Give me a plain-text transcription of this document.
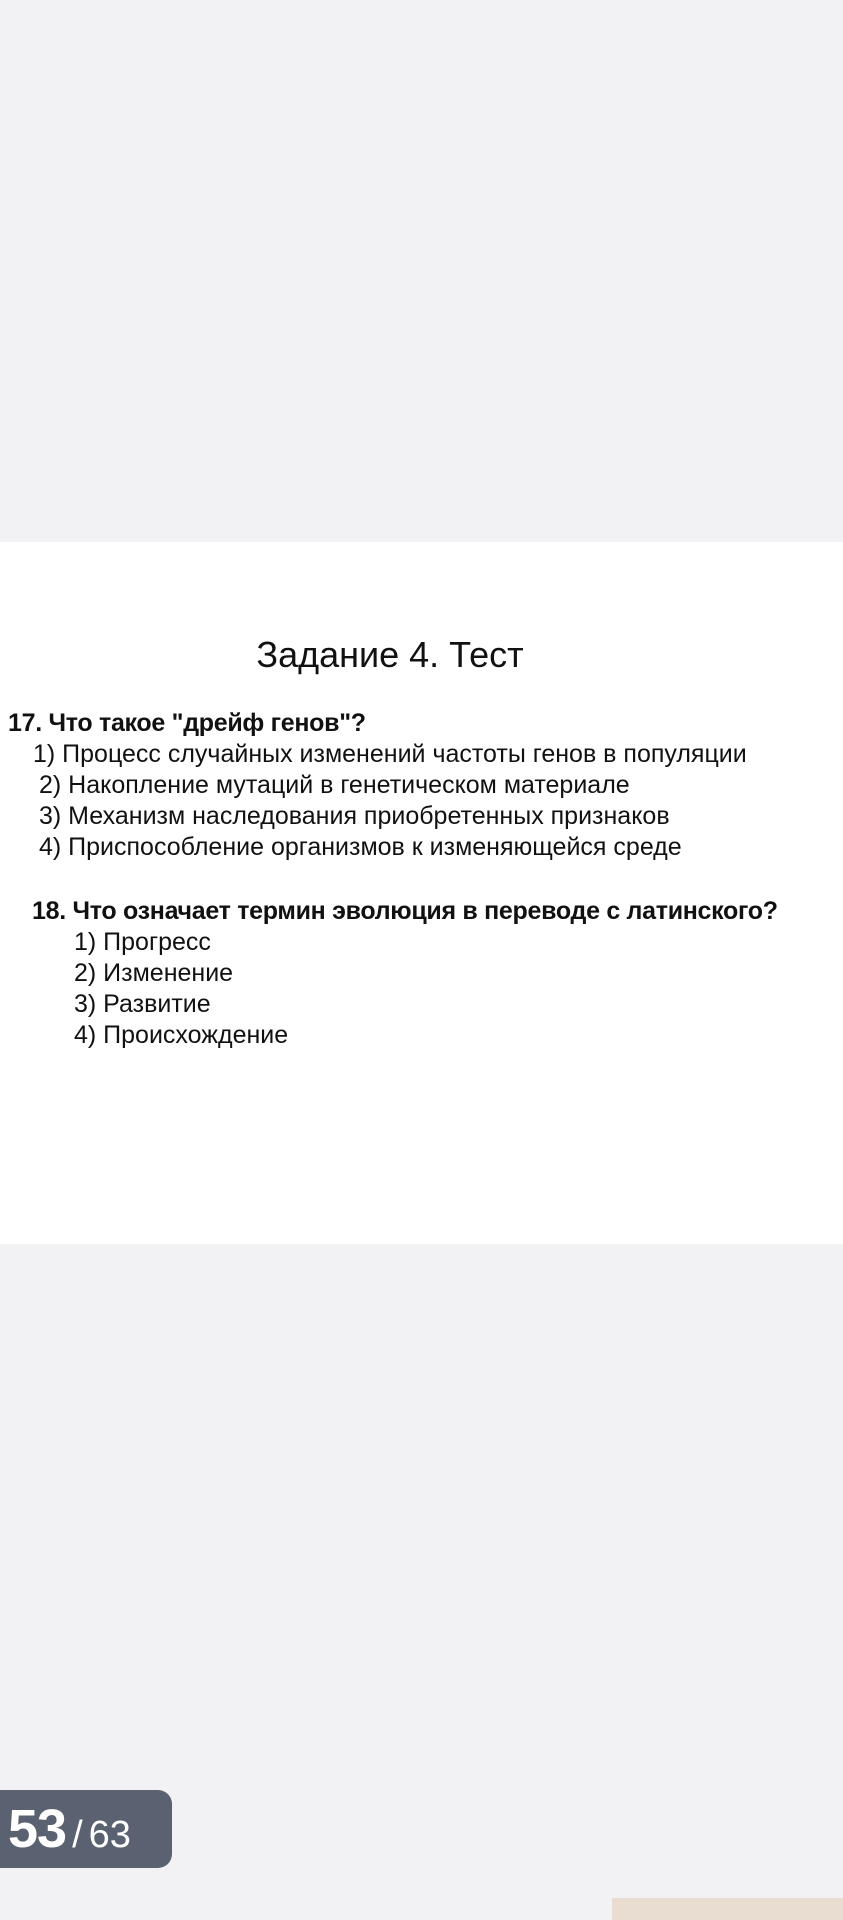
Задание 4. Тест
17. Что такое "дрейф генов"?
1) Процесс случайных изменений частоты генов в популяции
2) Накопление мутаций в генетическом материале
3) Механизм наследования приобретенных признаков
4) Приспособление организмов к изменяющейся среде
18. Что означает термин эволюция в переводе с латинского?
1) Прогресс
2) Изменение
3) Развитие
4) Происхождение
53 / 63
